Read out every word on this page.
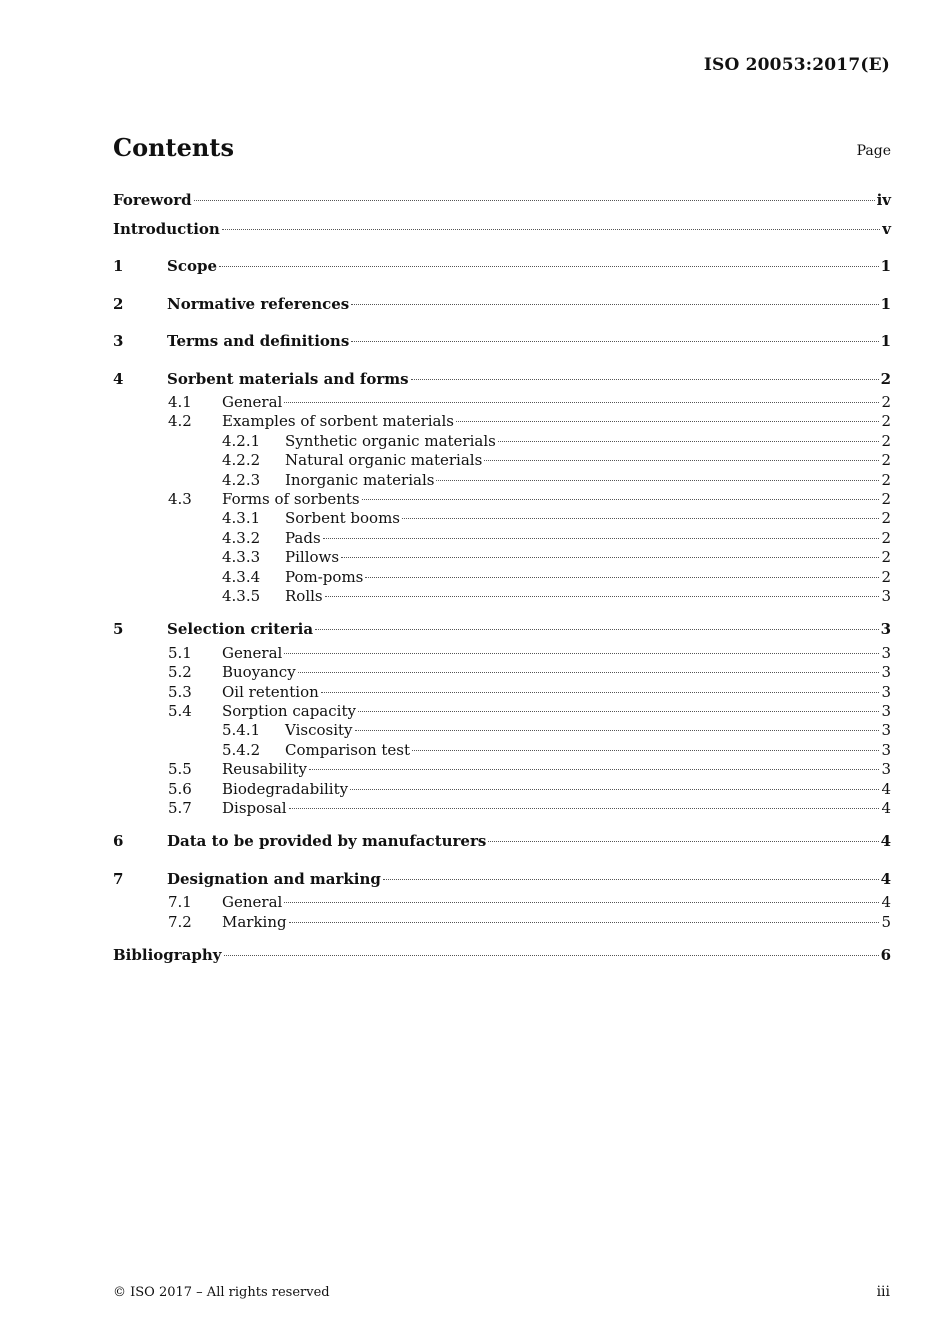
ISO 20053:2017(E)
Contents	Page
Foreword	iv
Introduction	v
1	Scope	1
2	Normative references	1
3	Terms and definitions	1
4	Sorbent materials and forms	2
4.1	General	2
4.2	Examples of sorbent materials	2
4.2.1	Synthetic organic materials	2
4.2.2	Natural organic materials	2
4.2.3	Inorganic materials	2
4.3	Forms of sorbents	2
4.3.1	Sorbent booms	2
4.3.2	Pads	2
4.3.3	Pillows	2
4.3.4	Pom-poms	2
4.3.5	Rolls	3
5	Selection criteria	3
5.1	General	3
5.2	Buoyancy	3
5.3	Oil retention	3
5.4	Sorption capacity	3
5.4.1	Viscosity	3
5.4.2	Comparison test	3
5.5	Reusability	3
5.6	Biodegradability	4
5.7	Disposal	4
6	Data to be provided by manufacturers	4
7	Designation and marking	4
7.1	General	4
7.2	Marking	5
Bibliography	6
© ISO 2017 – All rights reserved	iii
